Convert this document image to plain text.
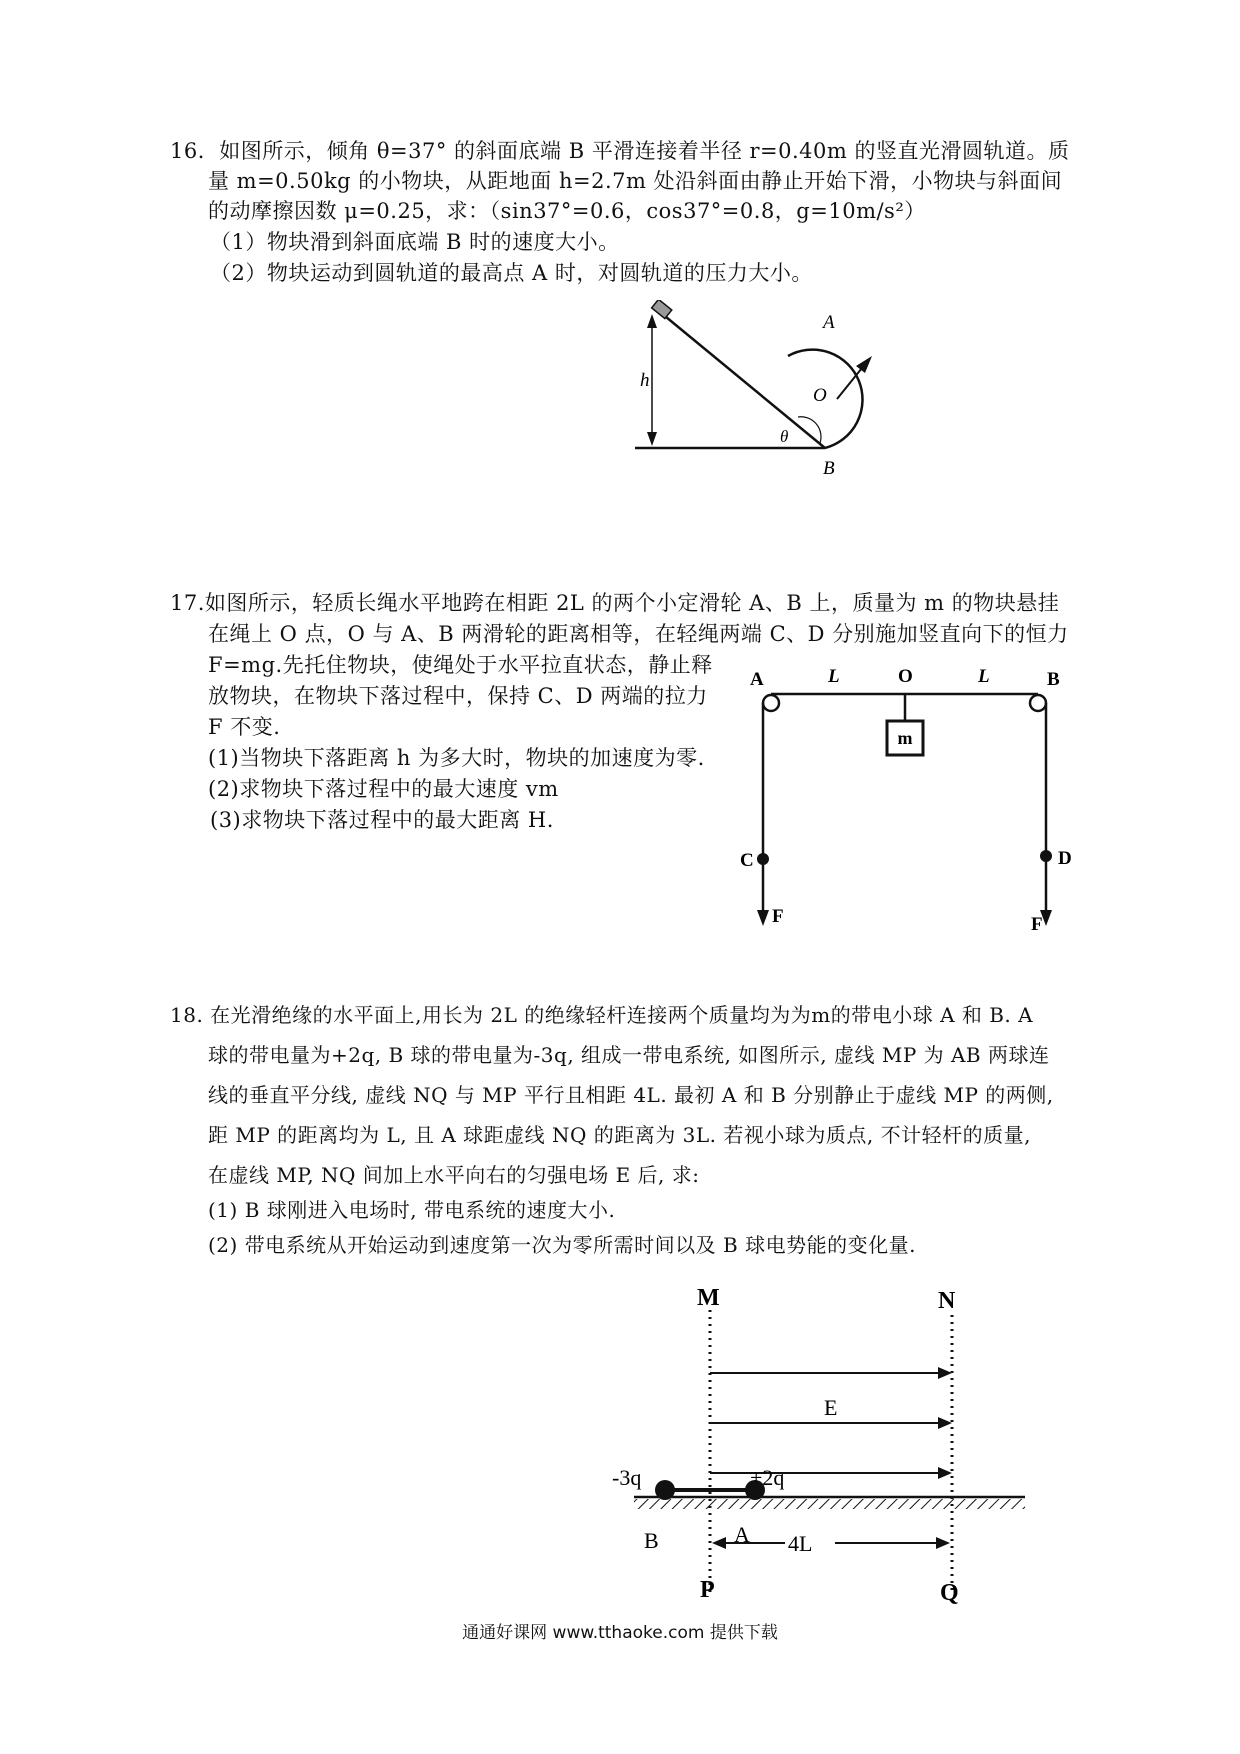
16．如图所示，倾角 θ=37° 的斜面底端 B 平滑连接着半径 r=0.40m 的竖直光滑圆轨道。质
量 m=0.50kg 的小物块，从距地面 h=2.7m 处沿斜面由静止开始下滑，小物块与斜面间
的动摩擦因数 μ=0.25，求：（sin37°=0.6，cos37°=0.8，g=10m/s²）
（1）物块滑到斜面底端 B 时的速度大小。
（2）物块运动到圆轨道的最高点 A 时，对圆轨道的压力大小。
h
θ
A
O
B
17.如图所示，轻质长绳水平地跨在相距 2L 的两个小定滑轮 A、B 上，质量为 m 的物块悬挂
在绳上 O 点，O 与 A、B 两滑轮的距离相等，在轻绳两端 C、D 分别施加竖直向下的恒力
F=mg.先托住物块，使绳处于水平拉直状态，静止释
放物块，在物块下落过程中，保持 C、D 两端的拉力
F 不变.
(1)当物块下落距离 h 为多大时，物块的加速度为零.
(2)求物块下落过程中的最大速度 vm
(3)求物块下落过程中的最大距离 H.
m
A	L	O	L	B
C	D
F	F
18. 在光滑绝缘的水平面上,用长为 2L 的绝缘轻杆连接两个质量均为为m的带电小球 A 和 B. A
球的带电量为+2q, B 球的带电量为-3q, 组成一带电系统, 如图所示, 虚线 MP 为 AB 两球连
线的垂直平分线, 虚线 NQ 与 MP 平行且相距 4L. 最初 A 和 B 分别静止于虚线 MP 的两侧,
距 MP 的距离均为 L, 且 A 球距虚线 NQ 的距离为 3L. 若视小球为质点, 不计轻杆的质量,
在虚线 MP, NQ 间加上水平向右的匀强电场 E 后, 求:
(1) B 球刚进入电场时, 带电系统的速度大小.
(2) 带电系统从开始运动到速度第一次为零所需时间以及 B 球电势能的变化量.
M	N
E
-3q	+2q
B	A 4L
P	Q
通通好课网 www.tthaoke.com 提供下载
